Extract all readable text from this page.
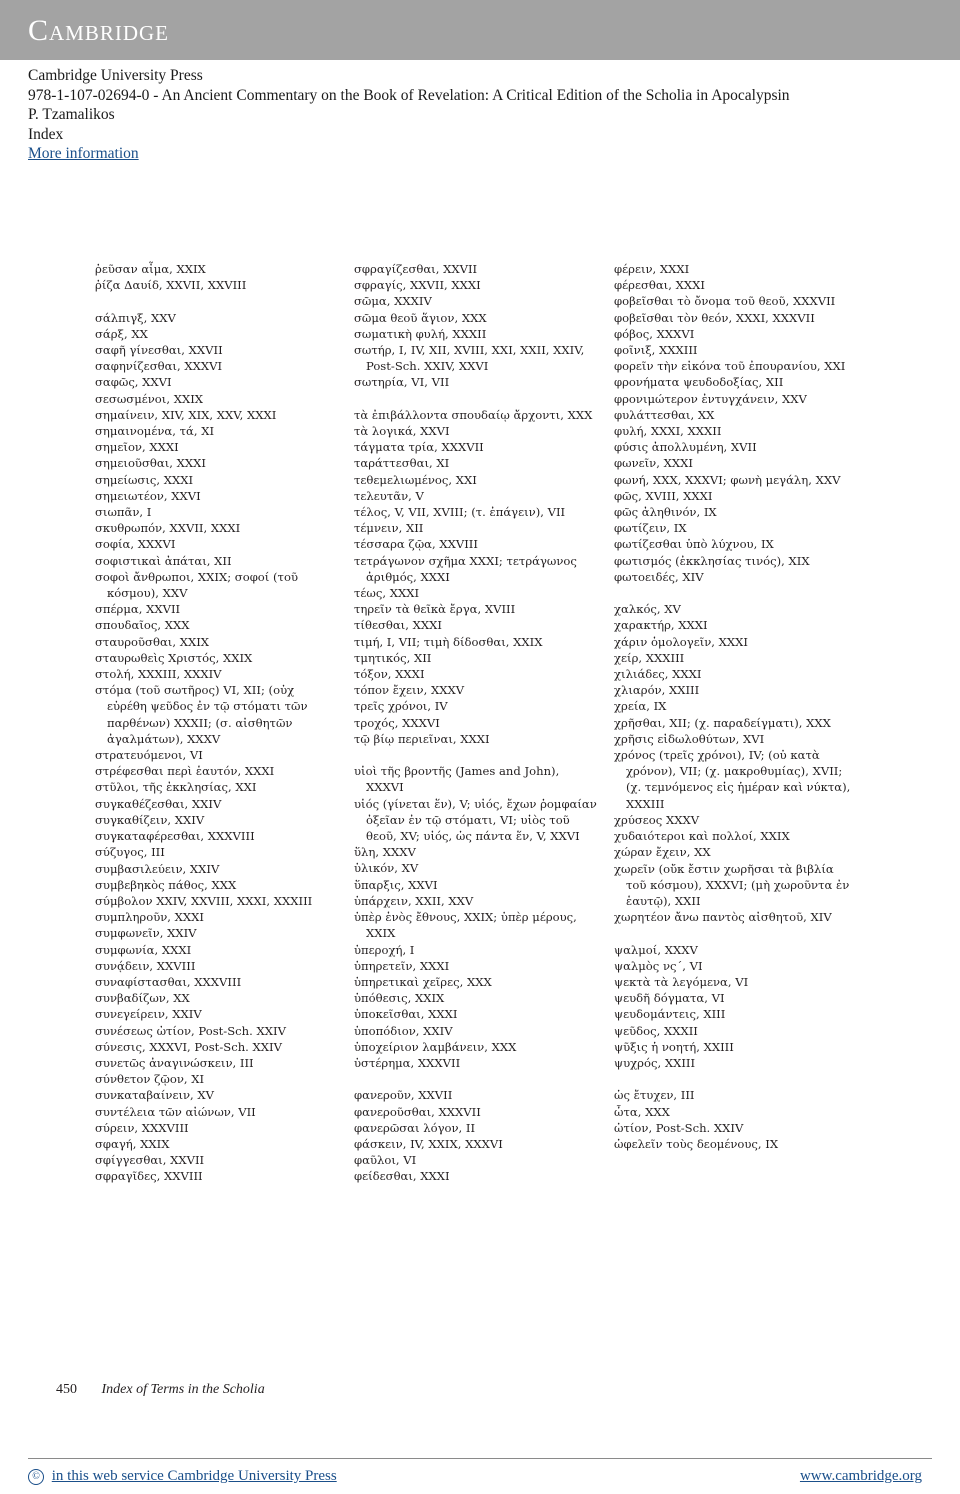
Cambridge
Cambridge University Press
978-1-107-02694-0 - An Ancient Commentary on the Book of Revelation: A Critical Edition of the Scholia in Apocalypsin
P. Tzamalikos
Index
More information
ῥεῦσαν αἷμα, XXIX
ῥίζα Δαυίδ, XXVII, XXVIII
σάλπιγξ, XXV
σάρξ, XX
σαφῆ γίνεσθαι, XXVII
σαφηνίζεσθαι, XXXVI
σαφῶς, XXVI
σεσωσμένοι, XXIX
σημαίνειν, XIV, XIX, XXV, XXXI
σημαινομένα, τά, XI
σημεῖον, XXXI
σημειοῦσθαι, XXXI
σημείωσις, XXXI
σημειωτέον, XXVI
σιωπᾶν, I
σκυθρωπόν, XXVII, XXXI
σοφία, XXXVI
σοφιστικαὶ ἀπάται, XII
σοφοὶ ἄνθρωποι, XXIX; σοφοί (τοῦ κόσμου), XXV
σπέρμα, XXVII
σπουδαῖος, XXX
σταυροῦσθαι, XXIX
σταυρωθεὶς Χριστός, XXIX
στολή, XXXIII, XXXIV
στόμα (τοῦ σωτῆρος) VI, XII; (οὐχ εὐρέθη ψεῦδος ἐν τῷ στόματι τῶν παρθένων) XXXII; (σ. αἰσθητῶν ἀγαλμάτων), XXXV
στρατευόμενοι, VI
στρέφεσθαι περὶ ἑαυτόν, XXXI
στῦλοι, τῆς ἐκκλησίας, XXI
συγκαθέζεσθαι, XXIV
συγκαθίζειν, XXIV
συγκαταφέρεσθαι, XXXVIII
σύζυγος, III
συμβασιλεύειν, XXIV
συμβεβηκὸς πάθος, XXX
σύμβολον XXIV, XXVIII, XXXI, XXXIII
συμπληροῦν, XXXI
συμφωνεῖν, XXIV
συμφωνία, XXXI
συνᾴδειν, XXVIII
συναφίστασθαι, XXXVIII
συνβαδίζων, XX
συνεγείρειν, XXIV
συνέσεως ὠτίον, Post-Sch. XXIV
σύνεσις, XXXVI, Post-Sch. XXIV
συνετῶς ἀναγινώσκειν, III
σύνθετον ζῷον, XI
συνκαταβαίνειν, XV
συντέλεια τῶν αἰώνων, VII
σύρειν, XXXVIII
σφαγή, XXIX
σφίγγεσθαι, XXVII
σφραγῖδες, XXVIII
σφραγίζεσθαι, XXVII
σφραγίς, XXVII, XXXI
σῶμα, XXXIV
σῶμα θεοῦ ἅγιον, XXX
σωματικὴ φυλή, XXXII
σωτήρ, I, IV, XII, XVIII, XXI, XXII, XXIV, Post-Sch. XXIV, XXVI
σωτηρία, VI, VII
τὰ ἐπιβάλλοντα σπουδαίῳ ἄρχοντι, XXX
τὰ λογικά, XXVI
τάγματα τρία, XXXVII
ταράττεσθαι, XI
τεθεμελιωμένος, XXI
τελευτᾶν, V
τέλος, V, VII, XVIII; (τ. ἐπάγειν), VII
τέμνειν, XII
τέσσαρα ζῷα, XXVIII
τετράγωνον σχῆμα XXXI; τετράγωνος ἀριθμός, XXXI
τέως, XXXI
τηρεῖν τὰ θεῖκὰ ἔργα, XVIII
τίθεσθαι, XXXI
τιμή, I, VII; τιμὴ δίδοσθαι, XXIX
τμητικός, XII
τόξον, XXXI
τόπον ἔχειν, XXXV
τρεῖς χρόνοι, IV
τροχός, XXXVI
τῷ βίῳ περιεῖναι, XXXI
υἱοὶ τῆς βροντῆς (James and John), XXXVI
υἱός (γίνεται ἕν), V; υἱός, ἔχων ῥομφαίαν ὀξεῖαν ἐν τῷ στόματι, VI; υἱὸς τοῦ θεοῦ, XV; υἱός, ὡς πάντα ἕν, V, XXVI
ὕλη, XXXV
ὑλικόν, XV
ὕπαρξις, XXVI
ὑπάρχειν, XXII, XXV
ὑπὲρ ἑνὸς ἔθνους, XXIX; ὑπὲρ μέρους, XXIX
ὑπεροχή, I
ὑπηρετεῖν, XXXI
ὑπηρετικαὶ χεῖρες, XXX
ὑπόθεσις, XXIX
ὑποκεῖσθαι, XXXI
ὑποπόδιον, XXIV
ὑποχείριον λαμβάνειν, XXX
ὑστέρημα, XXXVII
φανεροῦν, XXVII
φανεροῦσθαι, XXXVII
φανερῶσαι λόγον, II
φάσκειν, IV, XXIX, XXXVI
φαῦλοι, VI
φείδεσθαι, XXXI
φέρειν, XXXI
φέρεσθαι, XXXI
φοβεῖσθαι τὸ ὄνομα τοῦ θεοῦ, XXXVII
φοβεῖσθαι τὸν θεόν, XXXI, XXXVII
φόβος, XXXVI
φοῖνιξ, XXXIII
φορεῖν τὴν εἰκόνα τοῦ ἐπουρανίου, XXI
φρονήματα ψευδοδοξίας, XII
φρονιμώτερον ἐντυγχάνειν, XXV
φυλάττεσθαι, XX
φυλή, XXXI, XXXII
φύσις ἀπολλυμένη, XVII
φωνεῖν, XXXI
φωνή, XXX, XXXVI; φωνὴ μεγάλη, XXV
φῶς, XVIII, XXXI
φῶς ἀληθινόν, IX
φωτίζειν, IX
φωτίζεσθαι ὑπὸ λύχνου, IX
φωτισμός (ἐκκλησίας τινός), XIX
φωτοειδές, XIV
χαλκός, XV
χαρακτήρ, XXXI
χάριν ὁμολογεῖν, XXXI
χείρ, XXXIII
χιλιάδες, XXXI
χλιαρόν, XXIII
χρεία, IX
χρῆσθαι, XII; (χ. παραδείγματι), XXX
χρῆσις εἰδωλοθύτων, XVI
χρόνος (τρεῖς χρόνοι), IV; (οὐ κατὰ χρόνον), VII; (χ. μακροθυμίας), XVII; (χ. τεμνόμενος εἰς ἡμέραν καὶ νύκτα), XXXIII
χρύσεος XXXV
χυδαιότεροι καὶ πολλοί, XXIX
χώραν ἔχειν, XX
χωρεῖν (οὔκ ἔστιν χωρῆσαι τὰ βιβλία τοῦ κόσμου), XXXVI; (μὴ χωροῦντα ἐν ἑαυτῷ), XXII
χωρητέον ἄνω παντὸς αἰσθητοῦ, XIV
ψαλμοί, XXXV
ψαλμὸς νς΄, VI
ψεκτὰ τὰ λεγόμενα, VI
ψευδῆ δόγματα, VI
ψευδομάντεις, XIII
ψεῦδος, XXXII
ψῦξις ἡ νοητή, XXIII
ψυχρός, XXIII
ὡς ἔτυχεν, III
ὦτα, XXX
ὠτίον, Post-Sch. XXIV
ὠφελεῖν τοὺς δεομένους, IX
450 Index of Terms in the Scholia
© in this web service Cambridge University Press	www.cambridge.org
